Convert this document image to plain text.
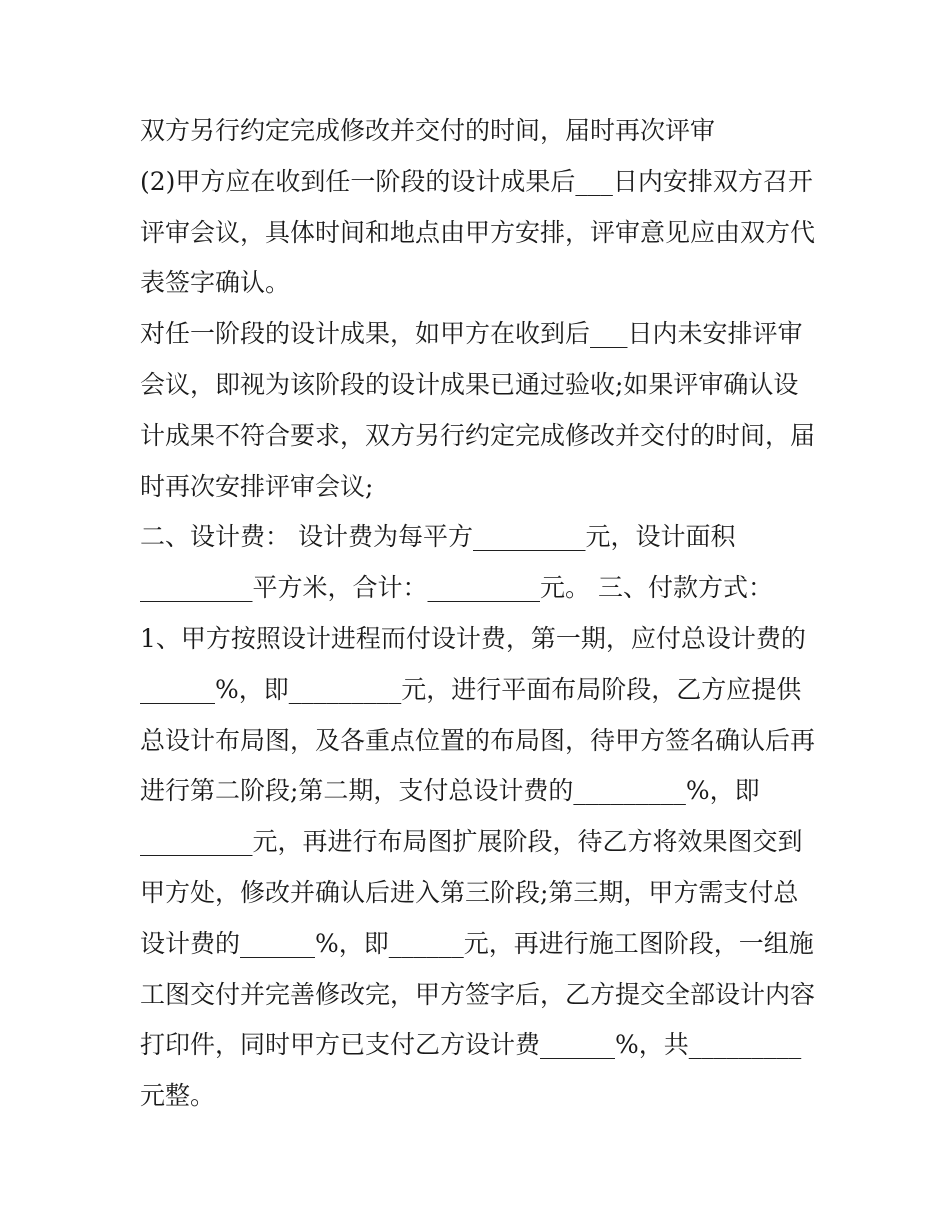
双方另行约定完成修改并交付的时间，届时再次评审
(2)甲方应在收到任一阶段的设计成果后___日内安排双方召开
评审会议，具体时间和地点由甲方安排，评审意见应由双方代
表签字确认。
对任一阶段的设计成果，如甲方在收到后___日内未安排评审
会议，即视为该阶段的设计成果已通过验收;如果评审确认设
计成果不符合要求，双方另行约定完成修改并交付的时间，届
时再次安排评审会议;
二、设计费： 设计费为每平方_________元，设计面积
_________平方米，合计：_________元。 三、付款方式：
1、甲方按照设计进程而付设计费，第一期，应付总设计费的
______%，即_________元，进行平面布局阶段，乙方应提供
总设计布局图，及各重点位置的布局图，待甲方签名确认后再
进行第二阶段;第二期，支付总设计费的_________%，即
_________元，再进行布局图扩展阶段，待乙方将效果图交到
甲方处，修改并确认后进入第三阶段;第三期，甲方需支付总
设计费的______%，即______元，再进行施工图阶段，一组施
工图交付并完善修改完，甲方签字后，乙方提交全部设计内容
打印件，同时甲方已支付乙方设计费______%，共_________
元整。
